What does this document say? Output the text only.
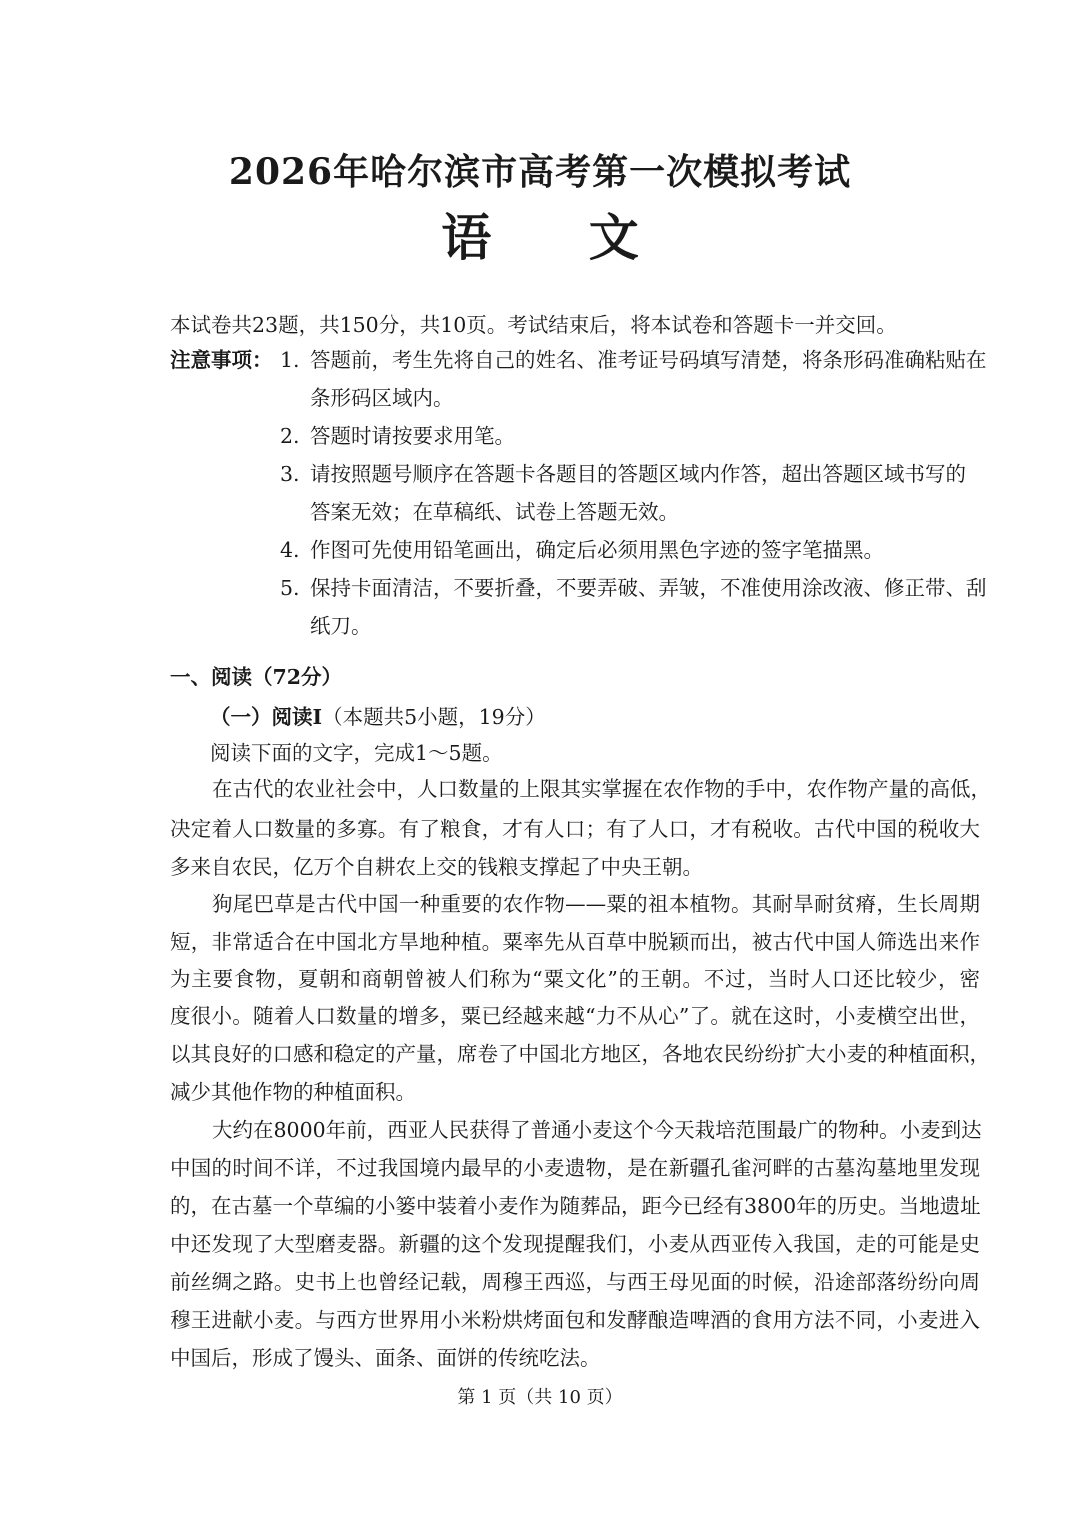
2026年哈尔滨市高考第一次模拟考试
语 文
本试卷共23题，共150分，共10页。考试结束后，将本试卷和答题卡一并交回。
注意事项： 1. 答题前，考生先将自己的姓名、准考证号码填写清楚，将条形码准确粘贴在
条形码区域内。
2. 答题时请按要求用笔。
3. 请按照题号顺序在答题卡各题目的答题区域内作答，超出答题区域书写的
答案无效；在草稿纸、试卷上答题无效。
4. 作图可先使用铅笔画出，确定后必须用黑色字迹的签字笔描黑。
5. 保持卡面清洁，不要折叠，不要弄破、弄皱，不准使用涂改液、修正带、刮
纸刀。
一、阅读（72分）
（一）阅读Ⅰ（本题共5小题，19分）
阅读下面的文字，完成1～5题。
在古代的农业社会中，人口数量的上限其实掌握在农作物的手中，农作物产量的高低，
决定着人口数量的多寡。有了粮食，才有人口；有了人口，才有税收。古代中国的税收大
多来自农民，亿万个自耕农上交的钱粮支撑起了中央王朝。
狗尾巴草是古代中国一种重要的农作物——粟的祖本植物。其耐旱耐贫瘠，生长周期
短，非常适合在中国北方旱地种植。粟率先从百草中脱颖而出，被古代中国人筛选出来作
为主要食物，夏朝和商朝曾被人们称为“粟文化”的王朝。不过，当时人口还比较少，密
度很小。随着人口数量的增多，粟已经越来越“力不从心”了。就在这时，小麦横空出世，
以其良好的口感和稳定的产量，席卷了中国北方地区，各地农民纷纷扩大小麦的种植面积，
减少其他作物的种植面积。
大约在8000年前，西亚人民获得了普通小麦这个今天栽培范围最广的物种。小麦到达
中国的时间不详，不过我国境内最早的小麦遗物，是在新疆孔雀河畔的古墓沟墓地里发现
的，在古墓一个草编的小篓中装着小麦作为随葬品，距今已经有3800年的历史。当地遗址
中还发现了大型磨麦器。新疆的这个发现提醒我们，小麦从西亚传入我国，走的可能是史
前丝绸之路。史书上也曾经记载，周穆王西巡，与西王母见面的时候，沿途部落纷纷向周
穆王进献小麦。与西方世界用小米粉烘烤面包和发酵酿造啤酒的食用方法不同，小麦进入
中国后，形成了馒头、面条、面饼的传统吃法。
第 1 页（共 10 页）
